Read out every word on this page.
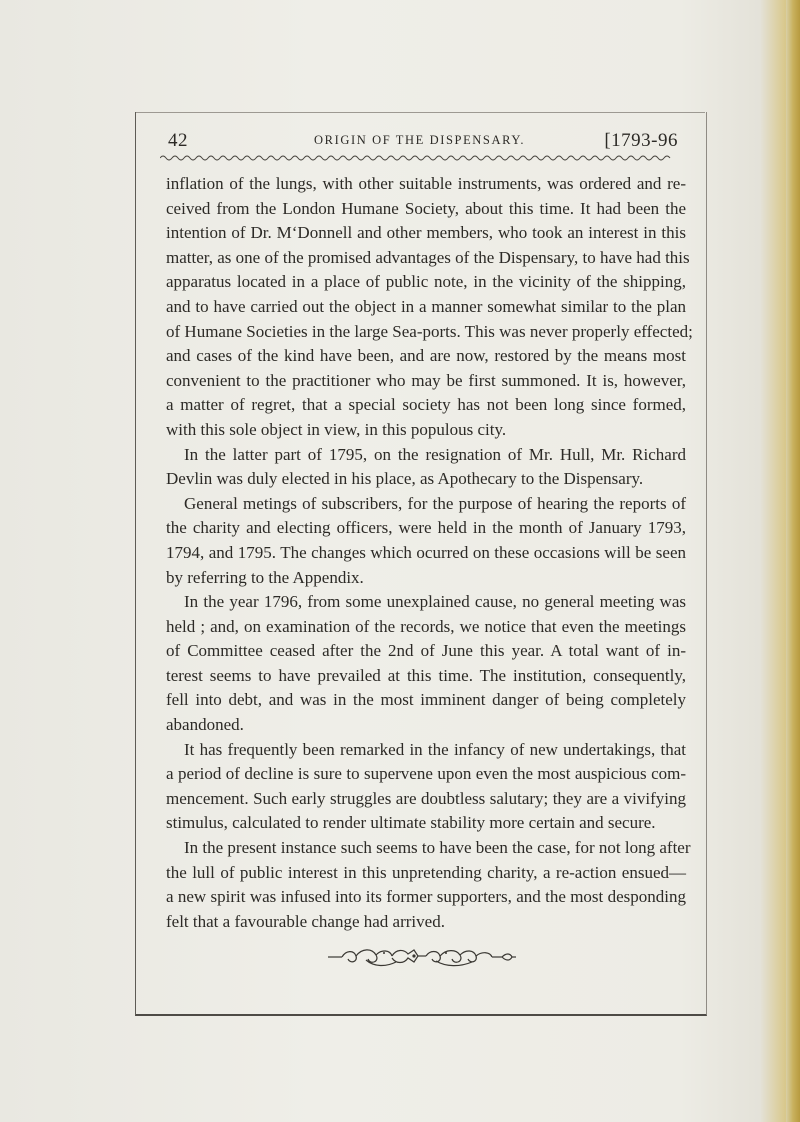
42	ORIGIN OF THE DISPENSARY.	[1793-96
inflation of the lungs, with other suitable instruments, was ordered and re-
ceived from the London Humane Society, about this time. It had been the
intention of Dr. M‘Donnell and other members, who took an interest in this
matter, as one of the promised advantages of the Dispensary, to have had this
apparatus located in a place of public note, in the vicinity of the shipping,
and to have carried out the object in a manner somewhat similar to the plan
of Humane Societies in the large Sea-ports. This was never properly effected;
and cases of the kind have been, and are now, restored by the means most
convenient to the practitioner who may be first summoned. It is, however,
a matter of regret, that a special society has not been long since formed,
with this sole object in view, in this populous city.
In the latter part of 1795, on the resignation of Mr. Hull, Mr. Richard
Devlin was duly elected in his place, as Apothecary to the Dispensary.
General metings of subscribers, for the purpose of hearing the reports of
the charity and electing officers, were held in the month of January 1793,
1794, and 1795. The changes which ocurred on these occasions will be seen
by referring to the Appendix.
In the year 1796, from some unexplained cause, no general meeting was
held ; and, on examination of the records, we notice that even the meetings
of Committee ceased after the 2nd of June this year. A total want of in-
terest seems to have prevailed at this time. The institution, consequently,
fell into debt, and was in the most imminent danger of being completely
abandoned.
It has frequently been remarked in the infancy of new undertakings, that
a period of decline is sure to supervene upon even the most auspicious com-
mencement. Such early struggles are doubtless salutary; they are a vivifying
stimulus, calculated to render ultimate stability more certain and secure.
In the present instance such seems to have been the case, for not long after
the lull of public interest in this unpretending charity, a re-action ensued—
a new spirit was infused into its former supporters, and the most desponding
felt that a favourable change had arrived.
